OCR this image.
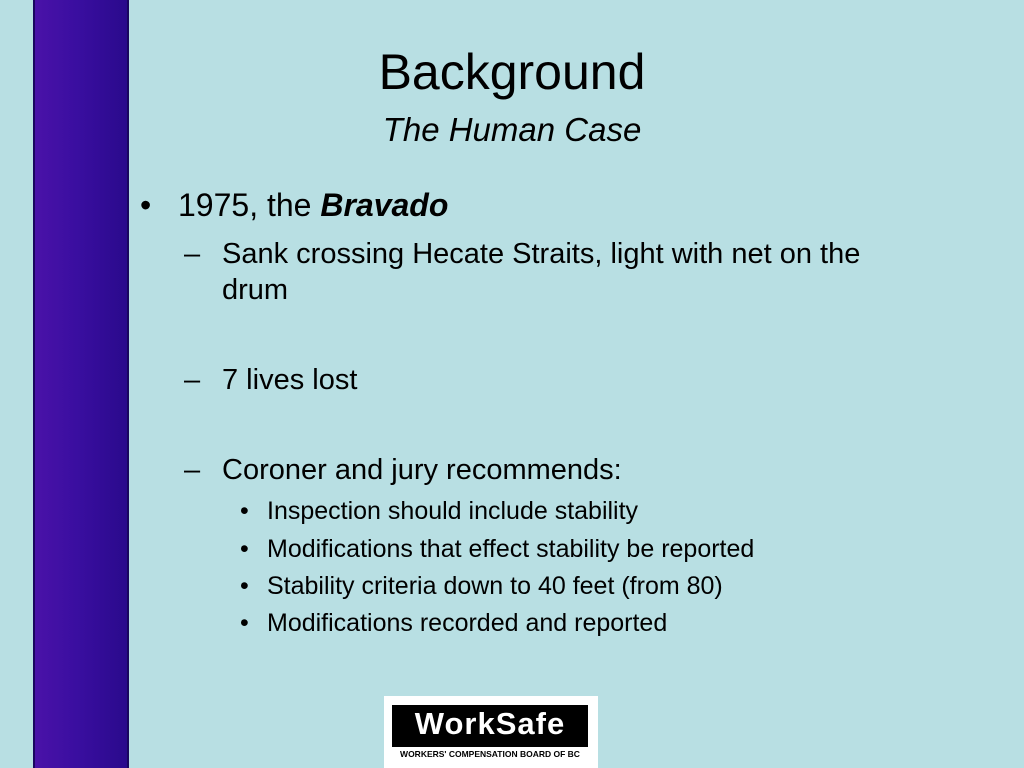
Background
The Human Case
• 1975, the Bravado
– Sank crossing Hecate Straits, light with net on the drum
– 7 lives lost
– Coroner and jury recommends:
• Inspection should include stability
• Modifications that effect stability be reported
• Stability criteria down to 40 feet (from 80)
• Modifications recorded and reported
WorkSafe
WORKERS' COMPENSATION BOARD OF BC
